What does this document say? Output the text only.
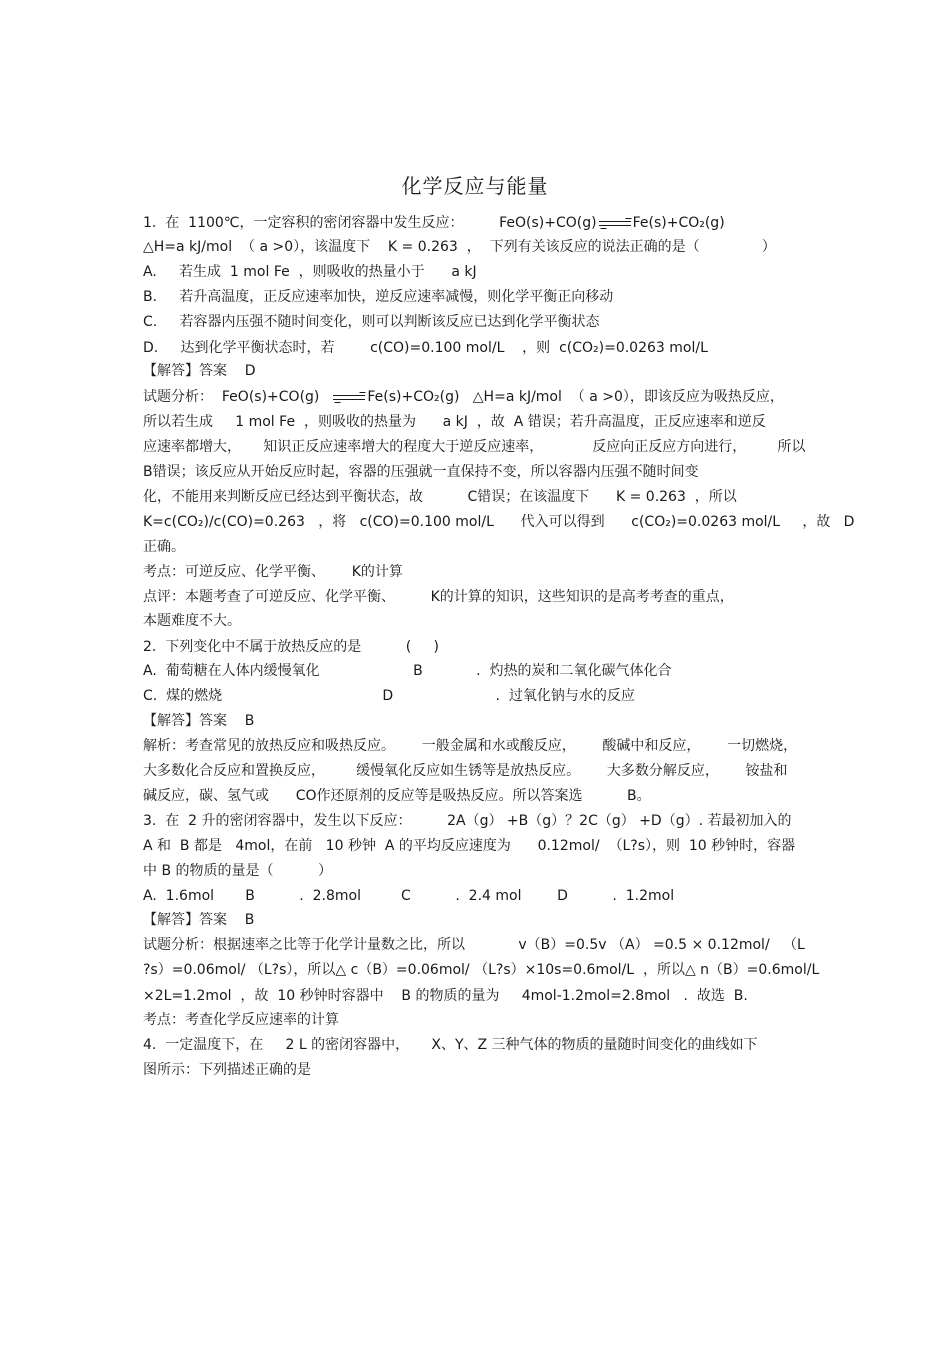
化学反应与能量
1.  在  1100℃，一定容积的密闭容器中发生反应：        FeO(s)+CO(g) → Fe(s)+CO₂(g)
△H=a kJ/mol  （ a >0），该温度下    K = 0.263  ，  下列有关该反应的说法正确的是（              ）
A.     若生成  1 mol Fe  ，则吸收的热量小于      a kJ
B.     若升高温度，正反应速率加快，逆反应速率减慢，则化学平衡正向移动
C.     若容器内压强不随时间变化，则可以判断该反应已达到化学平衡状态
D.     达到化学平衡状态时，若        c(CO)=0.100 mol/L    ，则  c(CO₂)=0.0263 mol/L
【解答】答案    D
试题分析：  FeO(s)+CO(g) → Fe(s)+CO₂(g)   △H=a kJ/mol  （ a >0），即该反应为吸热反应，
所以若生成     1 mol Fe  ，则吸收的热量为      a kJ  ，故  A 错误；若升高温度，正反应速率和逆反
应速率都增大，     知识正反应速率增大的程度大于逆反应速率，           反应向正反应方向进行，       所以
B错误；该反应从开始反应时起，容器的压强就一直保持不变，所以容器内压强不随时间变
化，不能用来判断反应已经达到平衡状态，故          C错误；在该温度下      K = 0.263  ，所以
K=c(CO₂)/c(CO)=0.263   ，将   c(CO)=0.100 mol/L      代入可以得到      c(CO₂)=0.0263 mol/L     ，故   D
正确。
考点：可逆反应、化学平衡、      K的计算
点评：本题考查了可逆反应、化学平衡、        K的计算的知识，这些知识的是高考考查的重点，
本题难度不大。
2.  下列变化中不属于放热反应的是          (     )
A.  葡萄糖在人体内缓慢氧化                     B            .  灼热的炭和二氧化碳气体化合
C.  煤的燃烧                                    D                       .  过氧化钠与水的反应
【解答】答案    B
解析：考查常见的放热反应和吸热反应。      一般金属和水或酸反应，      酸碱中和反应，      一切燃烧，
大多数化合反应和置换反应，       缓慢氧化反应如生锈等是放热反应。      大多数分解反应，      铵盐和
碱反应，碳、氢气或      CO作还原剂的反应等是吸热反应。所以答案选          B。
3.  在  2 升的密闭容器中，发生以下反应：        2A（g） +B（g）？2C（g） +D（g）. 若最初加入的
A 和  B 都是   4mol，在前   10 秒钟  A 的平均反应速度为      0.12mol/  （L?s），则  10 秒钟时，容器
中 B 的物质的量是（          ）
A.  1.6mol       B          .  2.8mol         C          .  2.4 mol        D          .  1.2mol
【解答】答案    B
试题分析：根据速率之比等于化学计量数之比，所以            v（B）=0.5v （A） =0.5 × 0.12mol/   （L
?s）=0.06mol/ （L?s），所以△ c（B）=0.06mol/ （L?s）×10s=0.6mol/L  ，所以△ n（B）=0.6mol/L
×2L=1.2mol  ，故  10 秒钟时容器中    B 的物质的量为     4mol-1.2mol=2.8mol   .  故选  B.
考点：考查化学反应速率的计算
4.  一定温度下，在     2 L 的密闭容器中，     X、Y、Z 三种气体的物质的量随时间变化的曲线如下
图所示：下列描述正确的是
